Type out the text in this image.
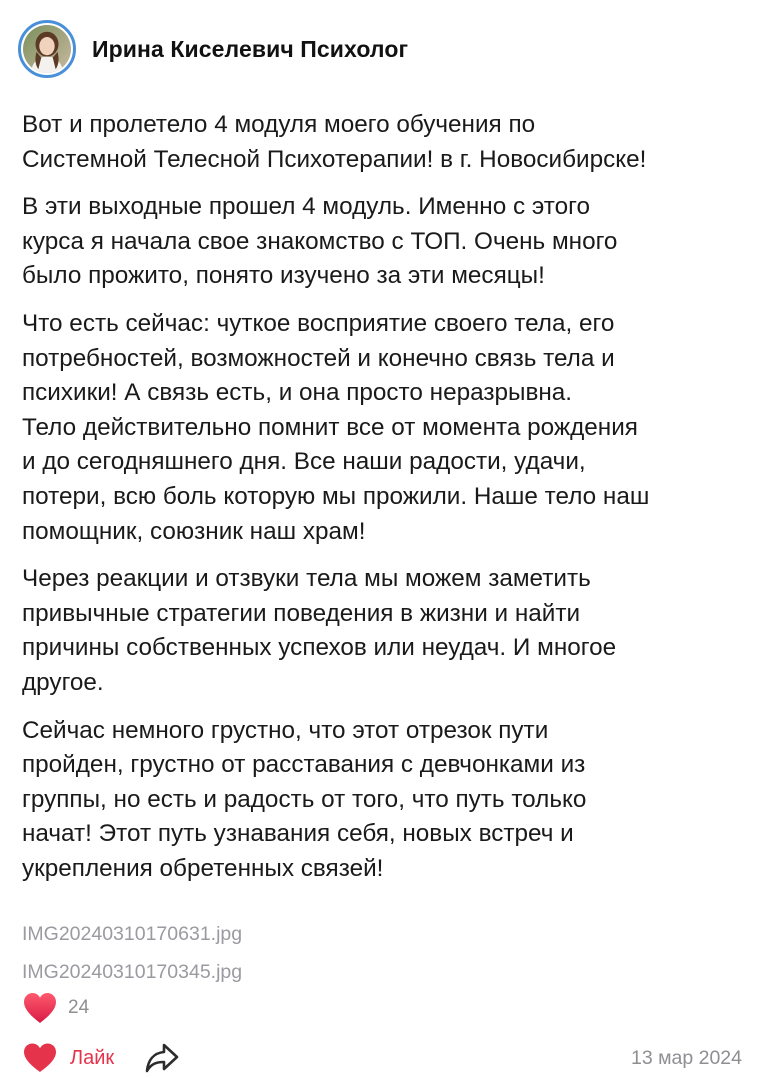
Ирина Киселевич Психолог

Вот и пролетело 4 модуля моего обучения по
Системной Телесной Психотерапии! в г. Новосибирске!

В эти выходные прошел 4 модуль. Именно с этого
курса я начала свое знакомство с ТОП. Очень много
было прожито, понято изучено за эти месяцы!

Что есть сейчас: чуткое восприятие своего тела, его
потребностей, возможностей и конечно связь тела и
психики! А связь есть, и она просто неразрывна.
Тело действительно помнит все от момента рождения
и до сегодняшнего дня. Все наши радости, удачи,
потери, всю боль которую мы прожили. Наше тело наш
помощник, союзник наш храм!

Через реакции и отзвуки тела мы можем заметить
привычные стратегии поведения в жизни и найти
причины собственных успехов или неудач. И многое
другое.

Сейчас немного грустно, что этот отрезок пути
пройден, грустно от расставания с девчонками из
группы, но есть и радость от того, что путь только
начат! Этот путь узнавания себя, новых встреч и
укрепления обретенных связей!

IMG20240310170631.jpg
IMG20240310170345.jpg
24
Лайк	13 мар 2024
